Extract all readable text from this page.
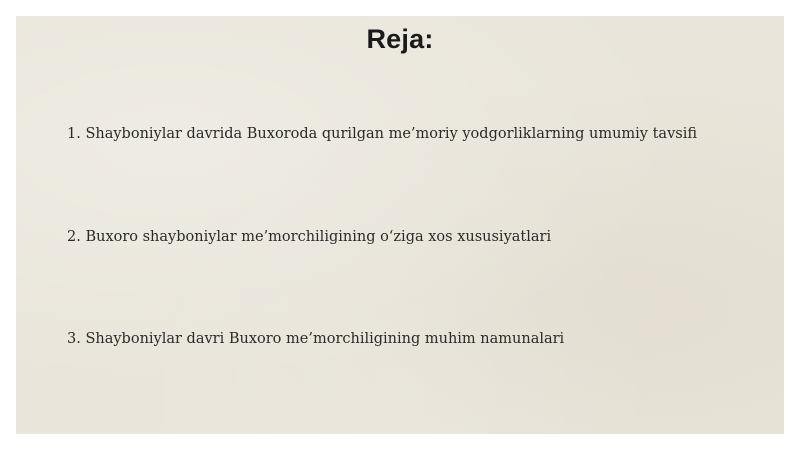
Reja:
1. Shayboniylar davrida Buxoroda qurilgan me’moriy yodgorliklarning umumiy tavsifi
2. Buxoro shayboniylar me’morchiligining o‘ziga xos xususiyatlari
3. Shayboniylar davri Buxoro me’morchiligining muhim namunalari
